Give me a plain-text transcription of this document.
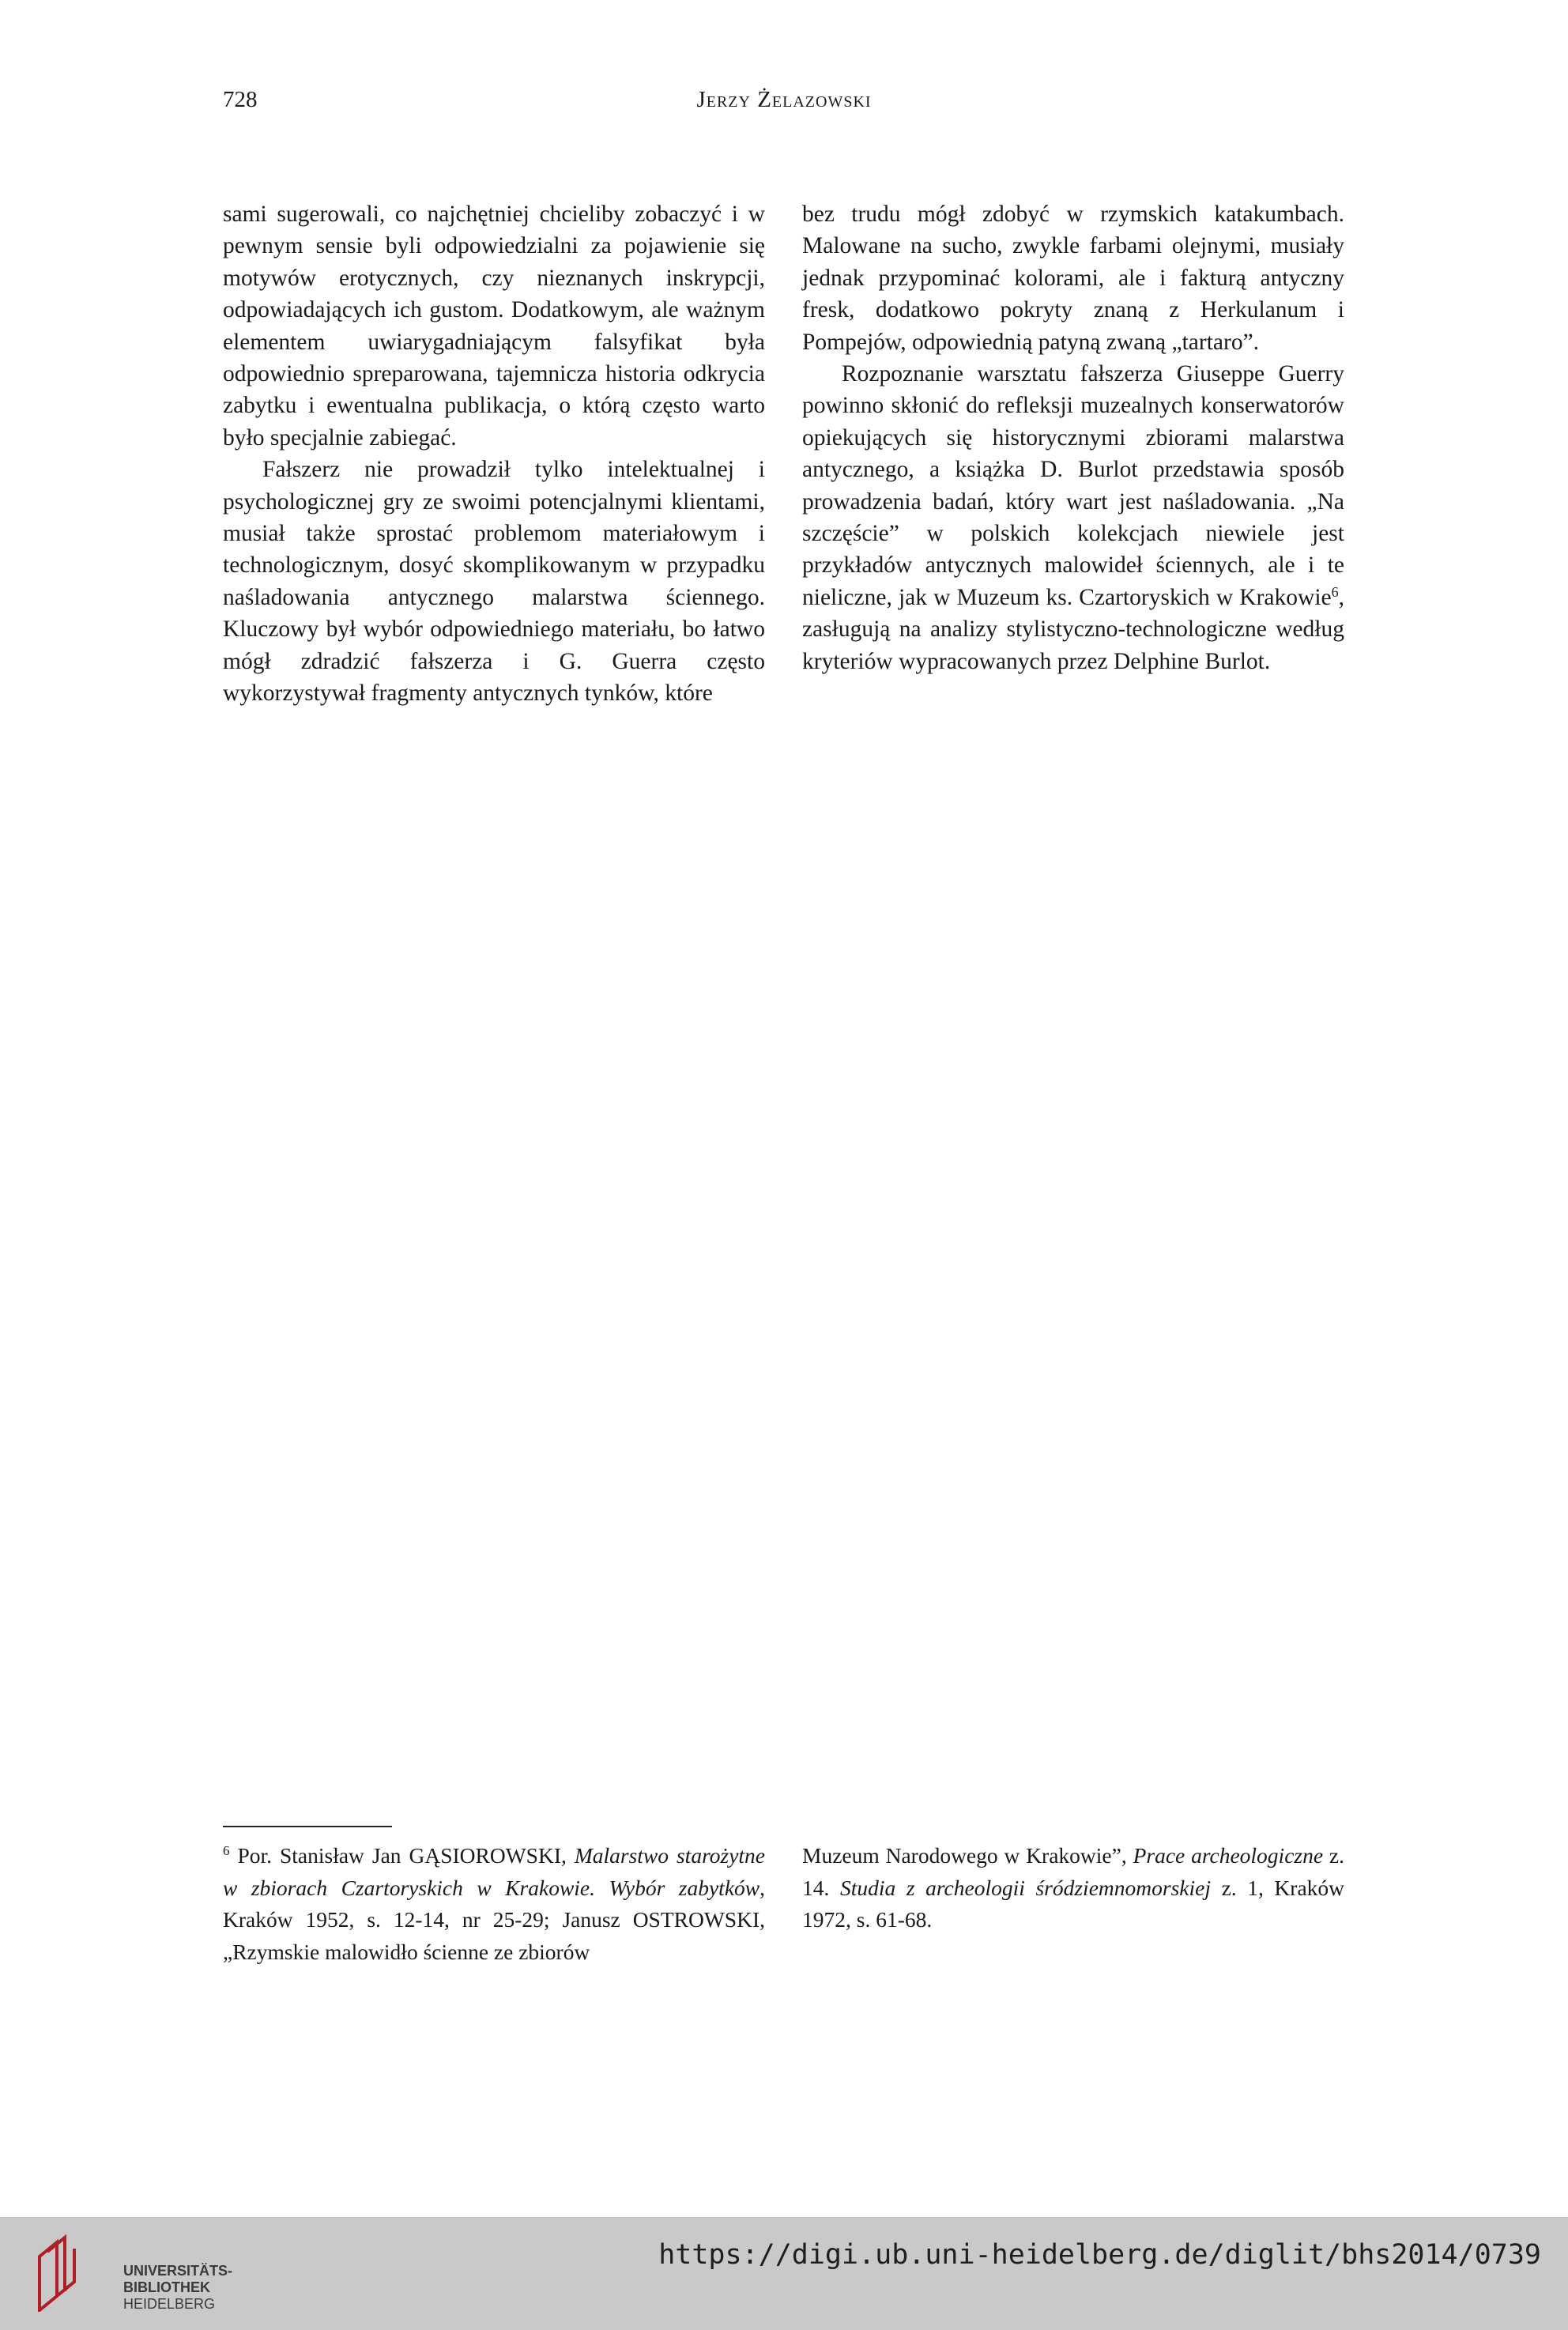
728	Jerzy Żelazowski

sami sugerowali, co najchętniej chcieliby zobaczyć i w pewnym sensie byli odpowiedzialni za pojawienie się motywów erotycznych, czy nieznanych inskrypcji, odpowiadających ich gustom. Dodatkowym, ale ważnym elementem uwiarygadniającym falsyfikat była odpowiednio spreparowana, tajemnicza historia odkrycia zabytku i ewentualna publikacja, o którą często warto było specjalnie zabiegać.

Fałszerz nie prowadził tylko intelektualnej i psychologicznej gry ze swoimi potencjalnymi klientami, musiał także sprostać problemom materiałowym i technologicznym, dosyć skomplikowanym w przypadku naśladowania antycznego malarstwa ściennego. Kluczowy był wybór odpowiedniego materiału, bo łatwo mógł zdradzić fałszerza i G. Guerra często wykorzystywał fragmenty antycznych tynków, które

bez trudu mógł zdobyć w rzymskich katakumbach. Malowane na sucho, zwykle farbami olejnymi, musiały jednak przypominać kolorami, ale i fakturą antyczny fresk, dodatkowo pokryty znaną z Herkulanum i Pompejów, odpowiednią patyną zwaną „tartaro”.

Rozpoznanie warsztatu fałszerza Giuseppe Guerry powinno skłonić do refleksji muzealnych konserwatorów opiekujących się historycznymi zbiorami malarstwa antycznego, a książka D. Burlot przedstawia sposób prowadzenia badań, który wart jest naśladowania. „Na szczęście” w polskich kolekcjach niewiele jest przykładów antycznych malowideł ściennych, ale i te nieliczne, jak w Muzeum ks. Czartoryskich w Krakowie$^6$, zasługują na analizy stylistyczno-technologiczne według kryteriów wypracowanych przez Delphine Burlot.

$^6$ Por. Stanisław Jan GĄSIOROWSKI, Malarstwo starożytne w zbiorach Czartoryskich w Krakowie. Wybór zabytków, Kraków 1952, s. 12-14, nr 25-29; Janusz OSTROWSKI, „Rzymskie malowidło ścienne ze zbiorów

Muzeum Narodowego w Krakowie”, Prace archeologiczne z. 14. Studia z archeologii śródziemnomorskiej z. 1, Kraków 1972, s. 61-68.

UNIVERSITÄTS-
BIBLIOTHEK
HEIDELBERG
https://digi.ub.uni-heidelberg.de/diglit/bhs2014/0739
